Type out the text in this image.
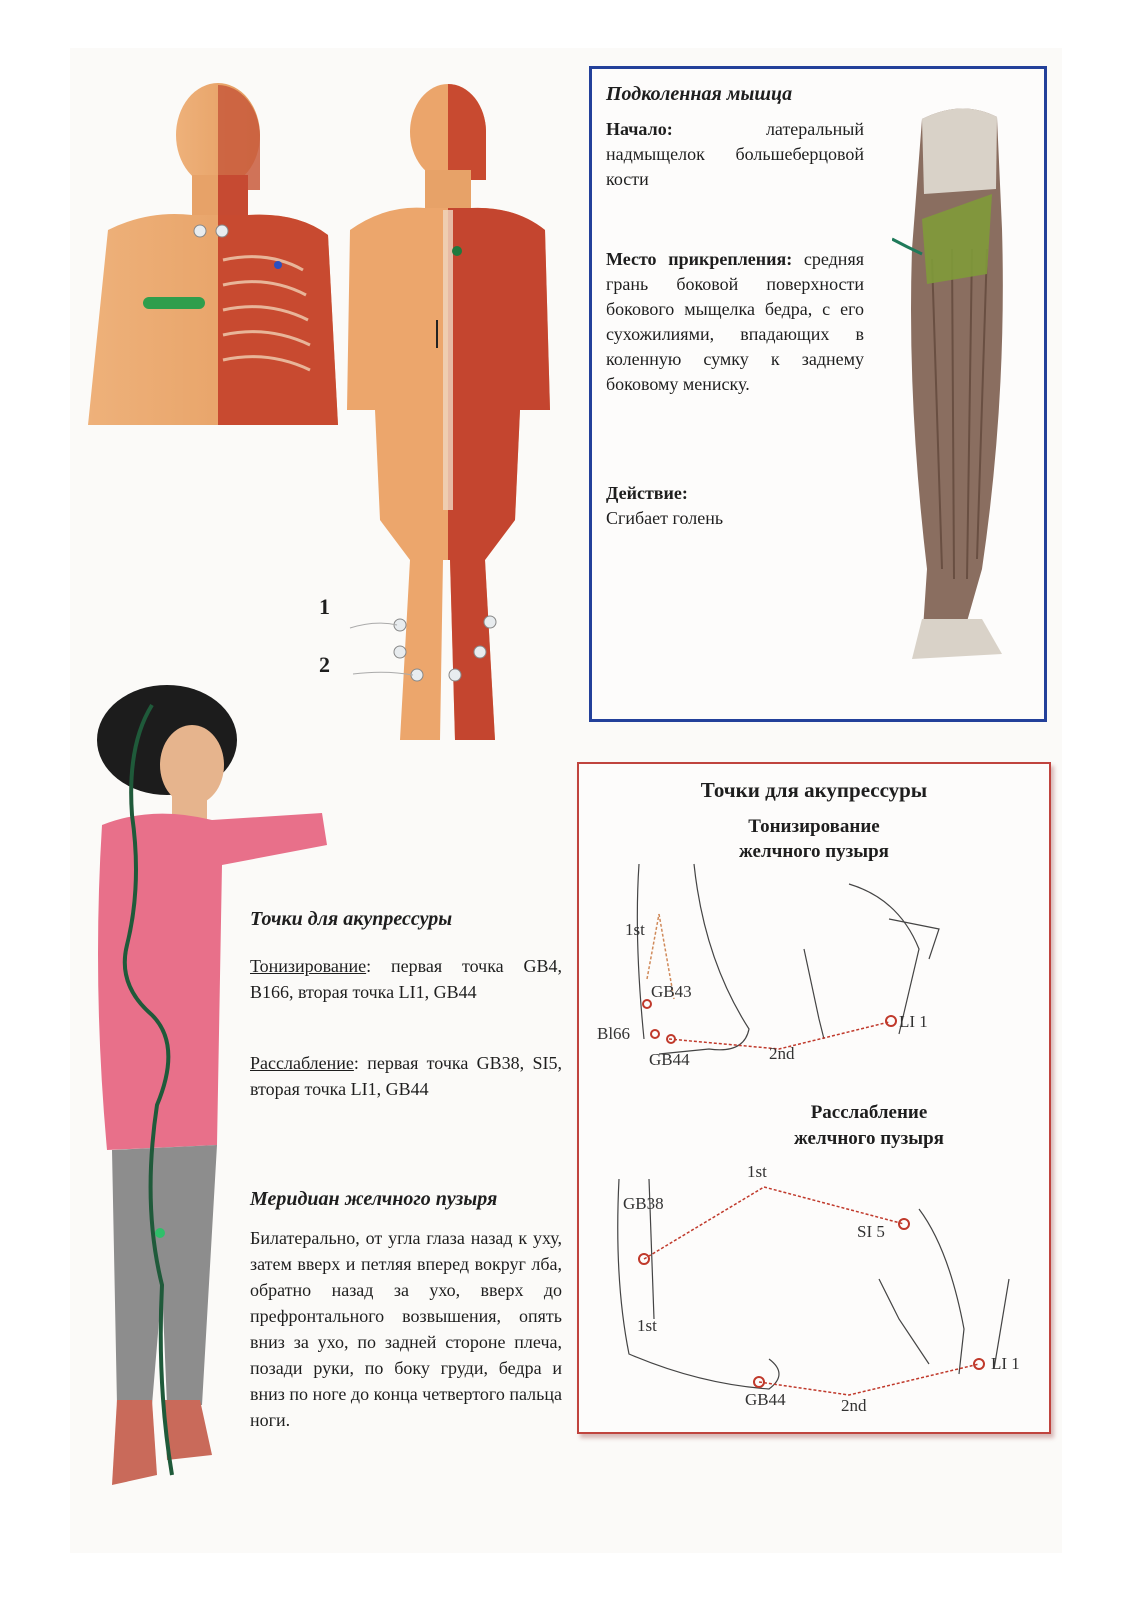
1
2
Подколенная мышца
Начало:	латеральный надмыщелок большеберцовой кости
Место прикрепления: средняя грань боковой поверхности бокового мыщелка бедра, с его сухожилиями, впадающих в коленную сумку к заднему боковому мениску.
Действие:
Сгибает голень
Точки для акупрессуры
Тонизирование: первая точка GB4, B166, вторая точка LI1, GB44
Расслабление: первая точка GB38, SI5, вторая точка LI1, GB44
Меридиан желчного пузыря
Билатерально, от угла глаза назад к уху, затем вверх и петляя вперед вокруг лба, обратно назад за ухо, вверх до префронтального возвышения, опять вниз за ухо, по задней стороне плеча, позади руки, по боку груди, бедра и вниз по ноге до конца четвертого пальца ноги.
Точки для акупрессуры
Тонизирование
желчного пузыря
1st
GB43
Bl66
GB44	2nd
LI 1
Расслабление
желчного пузыря
1st
GB38
SI 5
1st
GB44	2nd
LI 1
